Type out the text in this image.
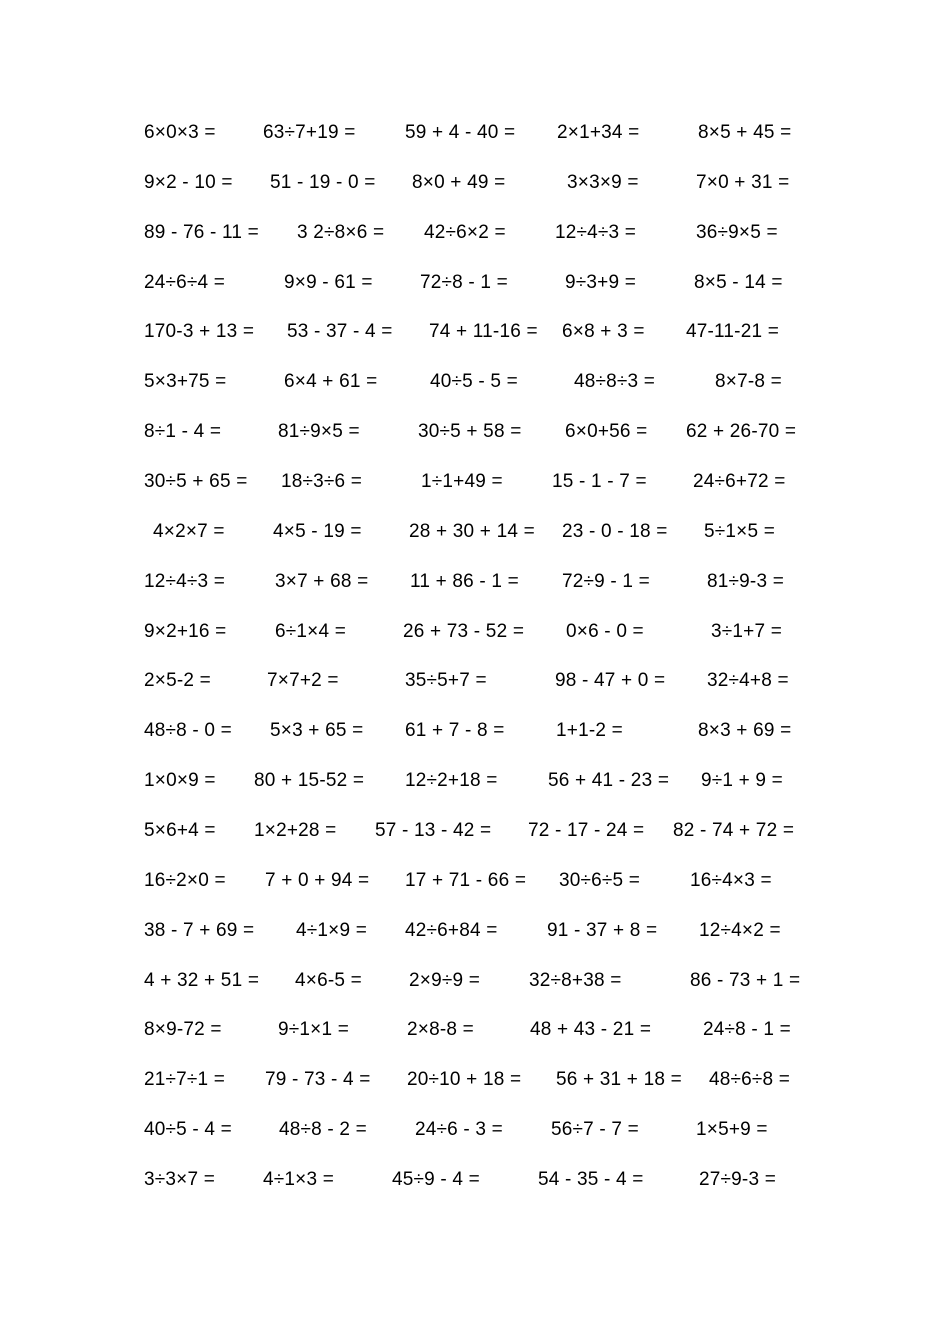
6×0×3 = 63÷7+19 =	59 + 4 - 40 = 2×1+34 =	8×5 + 45 =
9×2 - 10 = 51 - 19 - 0 = 8×0 + 49 =	3×3×9 =	7×0 + 31 =
89 - 76 - 11 = 3 2÷8×6 = 42÷6×2 =	12÷4÷3 =	36÷9×5 =
24÷6÷4 =	9×9 - 61 = 72÷8 - 1 =	9÷3+9 =	8×5 - 14 =
170-3 + 13 = 53 - 37 - 4 = 74 + 11-16 = 6×8 + 3 = 47-11-21 =
5×3+75 =	6×4 + 61 =	40÷5 - 5 =	48÷8÷3 =	8×7-8 =
8÷1 - 4 =	81÷9×5 =	30÷5 + 58 = 6×0+56 = 62 + 26-70 =
30÷5 + 65 = 18÷3÷6 =	1÷1+49 =	15 - 1 - 7 = 24÷6+72 =
4×2×7 =	4×5 - 19 = 28 + 30 + 14 = 23 - 0 - 18 = 5÷1×5 =
12÷4÷3 =	3×7 + 68 = 11 + 86 - 1 = 72÷9 - 1 =	81÷9-3 =
9×2+16 =	6÷1×4 =	26 + 73 - 52 = 0×6 - 0 =	3÷1+7 =
2×5-2 =	7×7+2 =	35÷5+7 =	98 - 47 + 0 = 32÷4+8 =
48÷8 - 0 = 5×3 + 65 = 61 + 7 - 8 =	1+1-2 =	8×3 + 69 =
1×0×9 = 80 + 15-52 = 12÷2+18 =	56 + 41 - 23 = 9÷1 + 9 =
5×6+4 = 1×2+28 = 57 - 13 - 42 = 72 - 17 - 24 = 82 - 74 + 72 =
16÷2×0 = 7 + 0 + 94 = 17 + 71 - 66 = 30÷6÷5 =	16÷4×3 =
38 - 7 + 69 = 4÷1×9 = 42÷6+84 =	91 - 37 + 8 = 12÷4×2 =
4 + 32 + 51 = 4×6-5 = 2×9÷9 =	32÷8+38 =	86 - 73 + 1 =
8×9-72 =	9÷1×1 =	2×8-8 =	48 + 43 - 21 =	24÷8 - 1 =
21÷7÷1 = 79 - 73 - 4 = 20÷10 + 18 = 56 + 31 + 18 = 48÷6÷8 =
40÷5 - 4 = 48÷8 - 2 =	24÷6 - 3 =	56÷7 - 7 =	1×5+9 =
3÷3×7 =	4÷1×3 =	45÷9 - 4 =	54 - 35 - 4 =	27÷9-3 =
